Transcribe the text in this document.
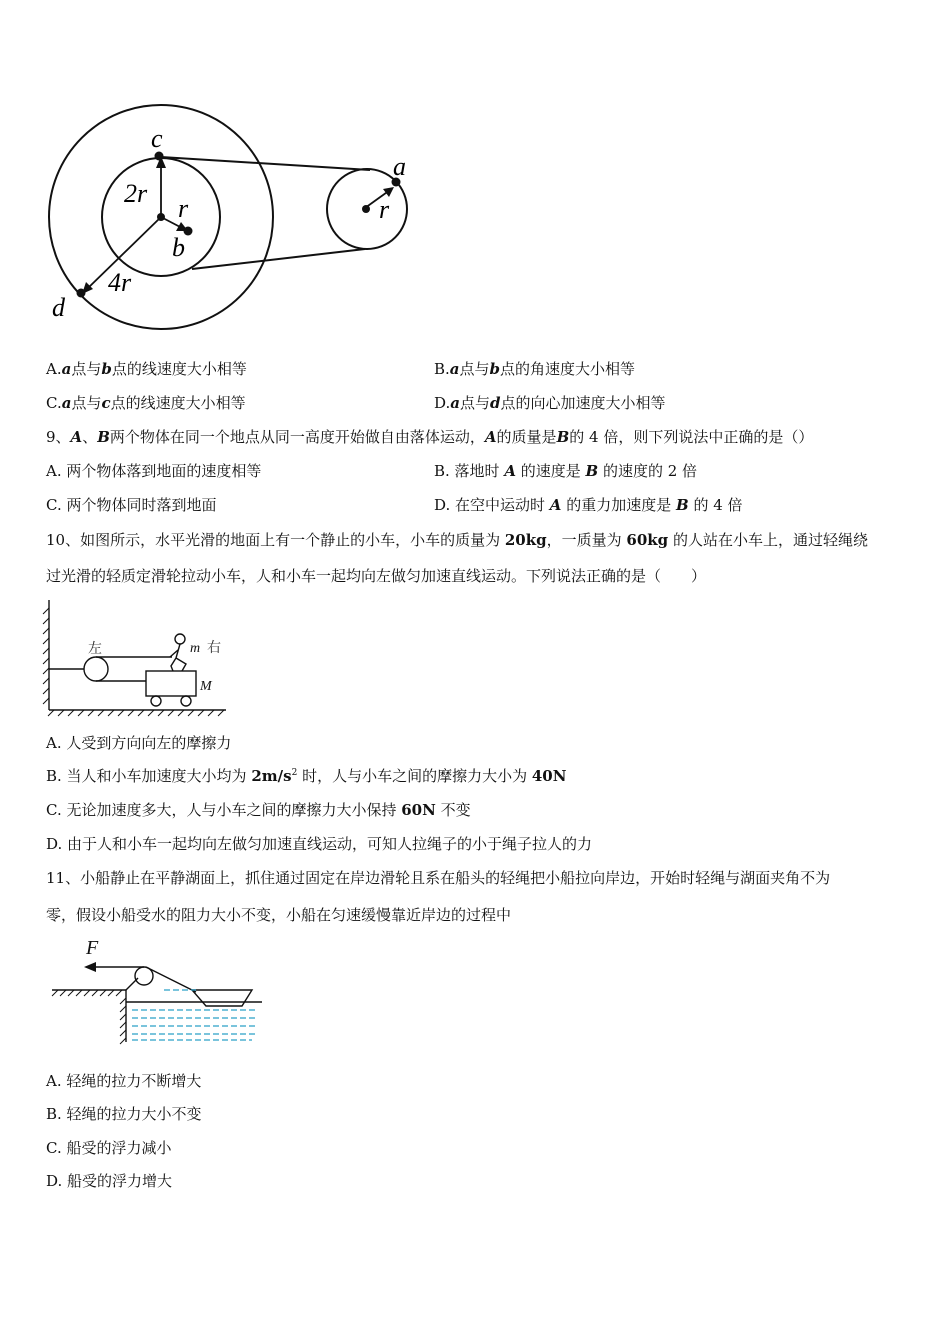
c
a
b
d
r
r
2r
4r
A.a点与b点的线速度大小相等	B.a点与b点的角速度大小相等
C.a点与c点的线速度大小相等	D.a点与d点的向心加速度大小相等
9、A、B两个物体在同一个地点从同一高度开始做自由落体运动，A的质量是B的 4 倍，则下列说法中正确的是（）
A. 两个物体落到地面的速度相等	B. 落地时 A 的速度是 B 的速度的 2 倍
C. 两个物体同时落到地面	D. 在空中运动时 A 的重力加速度是 B 的 4 倍
10、如图所示，水平光滑的地面上有一个静止的小车，小车的质量为 20kg，一质量为 60kg 的人站在小车上，通过轻绳绕
过光滑的轻质定滑轮拉动小车，人和小车一起均向左做匀加速直线运动。下列说法正确的是（　　）
左	m 右
M
A. 人受到方向向左的摩擦力
B. 当人和小车加速度大小均为 $2m/s^2$ 时，人与小车之间的摩擦力大小为 40N
C. 无论加速度多大，人与小车之间的摩擦力大小保持 60N 不变
D. 由于人和小车一起均向左做匀加速直线运动，可知人拉绳子的小于绳子拉人的力
11、小船静止在平静湖面上，抓住通过固定在岸边滑轮且系在船头的轻绳把小船拉向岸边，开始时轻绳与湖面夹角不为
零，假设小船受水的阻力大小不变，小船在匀速缓慢靠近岸边的过程中
F
A. 轻绳的拉力不断增大
B. 轻绳的拉力大小不变
C. 船受的浮力减小
D. 船受的浮力增大
